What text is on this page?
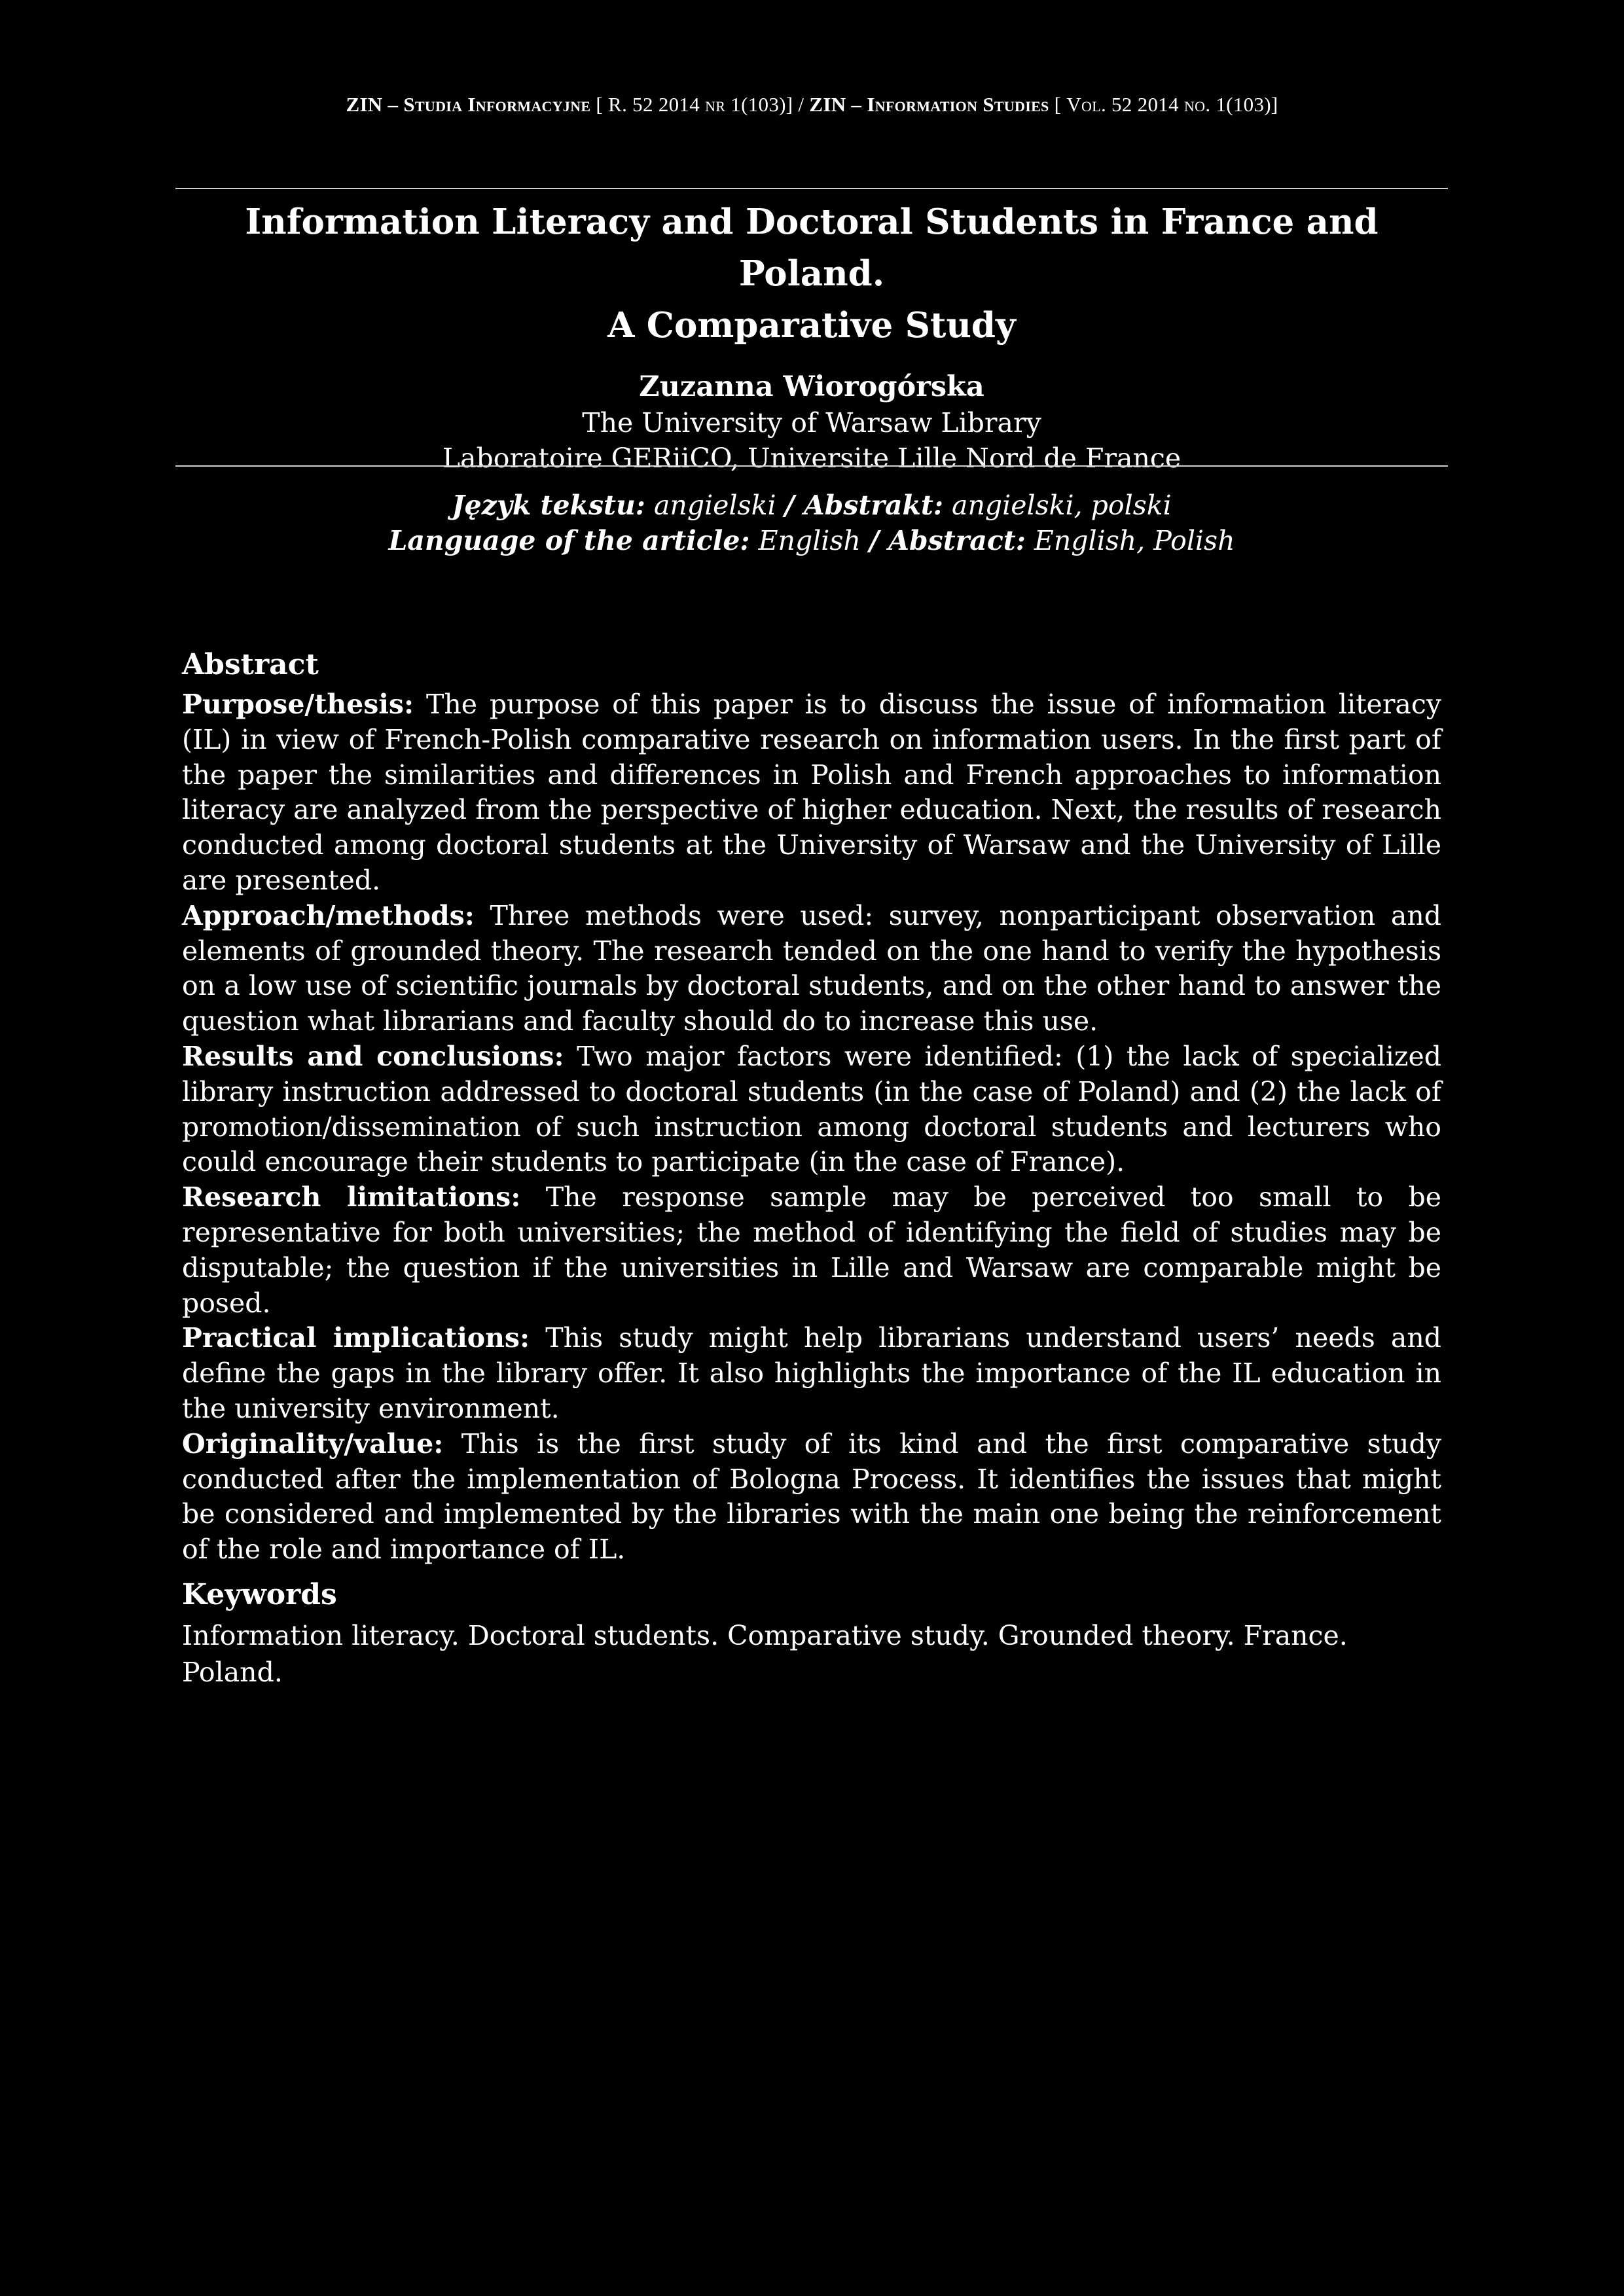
ZIN – Studia Informacyjne [ R. 52 2014 nr 1(103)] / ZIN – Information Studies [ Vol. 52 2014 no. 1(103)]
Information Literacy and Doctoral Students in France and Poland.
A Comparative Study
Zuzanna Wiorogórska
The University of Warsaw Library
Laboratoire GERiiCO, Universite Lille Nord de France
Język tekstu: angielski / Abstrakt: angielski, polski
Language of the article: English / Abstract: English, Polish
Abstract

Purpose/thesis: The purpose of this paper is to discuss the issue of information literacy (IL) in view of French-Polish comparative research on information users. In the first part of the paper the similarities and differences in Polish and French approaches to information literacy are analyzed from the perspective of higher education. Next, the results of research conducted among doctoral students at the University of Warsaw and the University of Lille are presented.

Approach/methods: Three methods were used: survey, nonparticipant observation and elements of grounded theory. The research tended on the one hand to verify the hypothesis on a low use of scientific journals by doctoral students, and on the other hand to answer the question what librarians and faculty should do to increase this use.

Results and conclusions: Two major factors were identified: (1) the lack of specialized library instruction addressed to doctoral students (in the case of Poland) and (2) the lack of promotion/dissemination of such instruction among doctoral students and lecturers who could encourage their students to participate (in the case of France).

Research limitations: The response sample may be perceived too small to be representative for both universities; the method of identifying the field of studies may be disputable; the question if the universities in Lille and Warsaw are comparable might be posed.

Practical implications: This study might help librarians understand users’ needs and define the gaps in the library offer. It also highlights the importance of the IL education in the university environment.

Originality/value: This is the first study of its kind and the first comparative study conducted after the implementation of Bologna Process. It identifies the issues that might be considered and implemented by the libraries with the main one being the reinforcement of the role and importance of IL.

Keywords

Information literacy. Doctoral students. Comparative study. Grounded theory. France. Poland.
